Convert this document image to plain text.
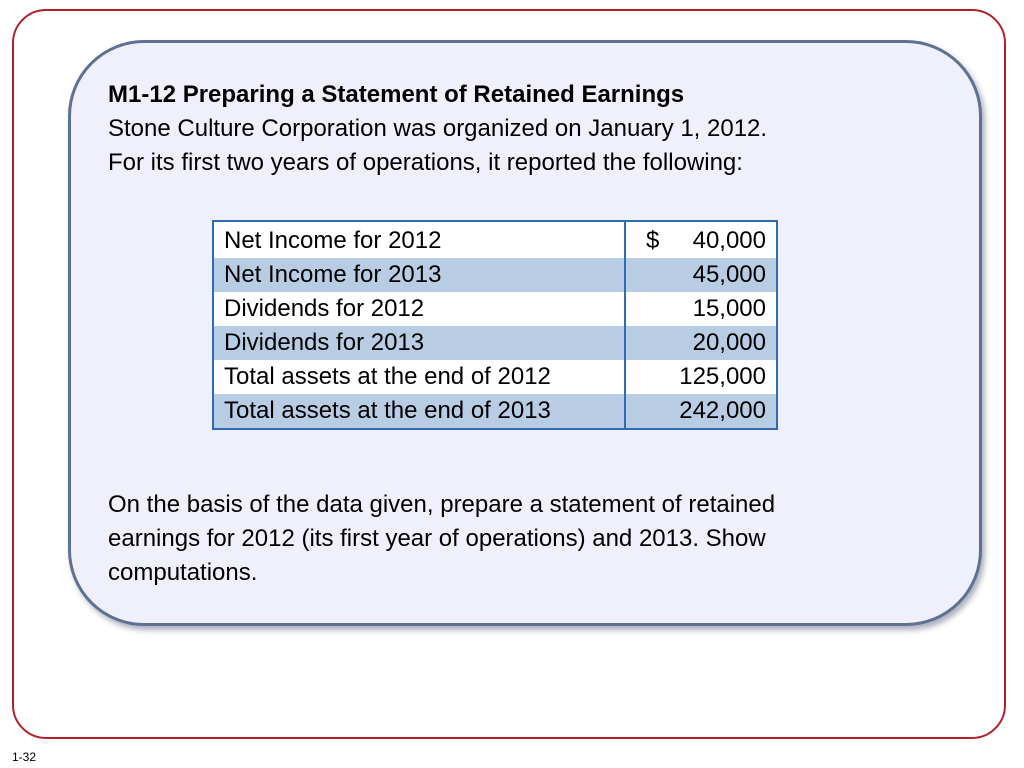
M1-12 Preparing a Statement of Retained Earnings
Stone Culture Corporation was organized on January 1, 2012.
For its first two years of operations, it reported the following:
Net Income for 2012	$ 40,000
Net Income for 2013	45,000
Dividends for 2012	15,000
Dividends for 2013	20,000
Total assets at the end of 2012	125,000
Total assets at the end of 2013	242,000
On the basis of the data given, prepare a statement of retained
earnings for 2012 (its first year of operations) and 2013. Show
computations.
1-32
